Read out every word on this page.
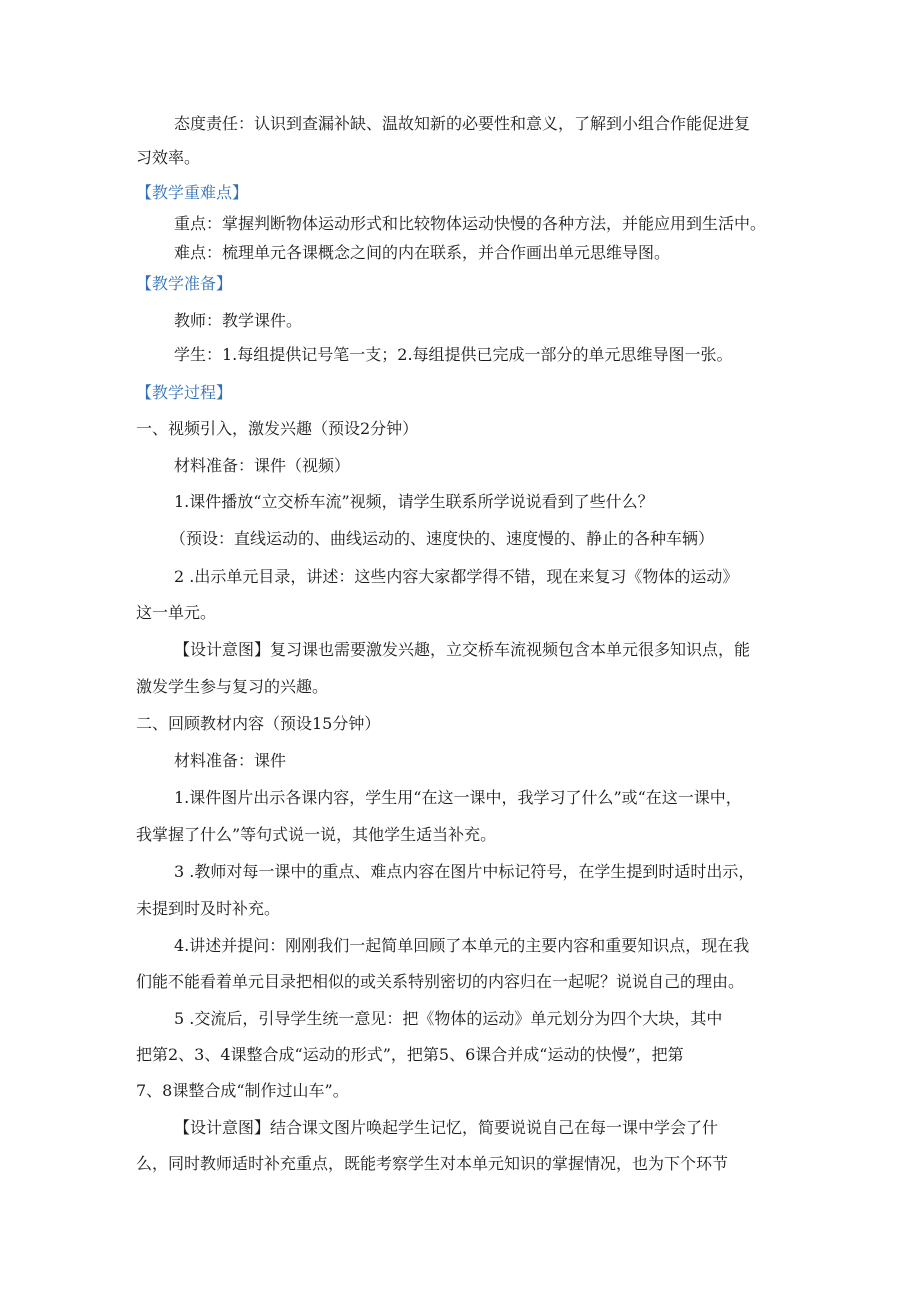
态度责任：认识到查漏补缺、温故知新的必要性和意义，了解到小组合作能促进复
习效率。
【教学重难点】
重点：掌握判断物体运动形式和比较物体运动快慢的各种方法，并能应用到生活中。
难点：梳理单元各课概念之间的内在联系，并合作画出单元思维导图。
【教学准备】
教师：教学课件。
学生：1.每组提供记号笔一支；2.每组提供已完成一部分的单元思维导图一张。
【教学过程】
一、视频引入，激发兴趣（预设2分钟）
材料准备：课件（视频）
1.课件播放“立交桥车流”视频，请学生联系所学说说看到了些什么？
（预设：直线运动的、曲线运动的、速度快的、速度慢的、静止的各种车辆）
2 .出示单元目录，讲述：这些内容大家都学得不错，现在来复习《物体的运动》
这一单元。
【设计意图】复习课也需要激发兴趣，立交桥车流视频包含本单元很多知识点，能
激发学生参与复习的兴趣。
二、回顾教材内容（预设15分钟）
材料准备：课件
1.课件图片出示各课内容，学生用“在这一课中，我学习了什么”或“在这一课中，
我掌握了什么”等句式说一说，其他学生适当补充。
3 .教师对每一课中的重点、难点内容在图片中标记符号，在学生提到时适时出示，
未提到时及时补充。
4.讲述并提问：刚刚我们一起简单回顾了本单元的主要内容和重要知识点，现在我
们能不能看着单元目录把相似的或关系特别密切的内容归在一起呢？说说自己的理由。
5 .交流后，引导学生统一意见：把《物体的运动》单元划分为四个大块，其中
把第2、3、4课整合成“运动的形式”，把第5、6课合并成“运动的快慢”，把第
7、8课整合成“制作过山车”。
【设计意图】结合课文图片唤起学生记忆，简要说说自己在每一课中学会了什
么，同时教师适时补充重点，既能考察学生对本单元知识的掌握情况，也为下个环节
